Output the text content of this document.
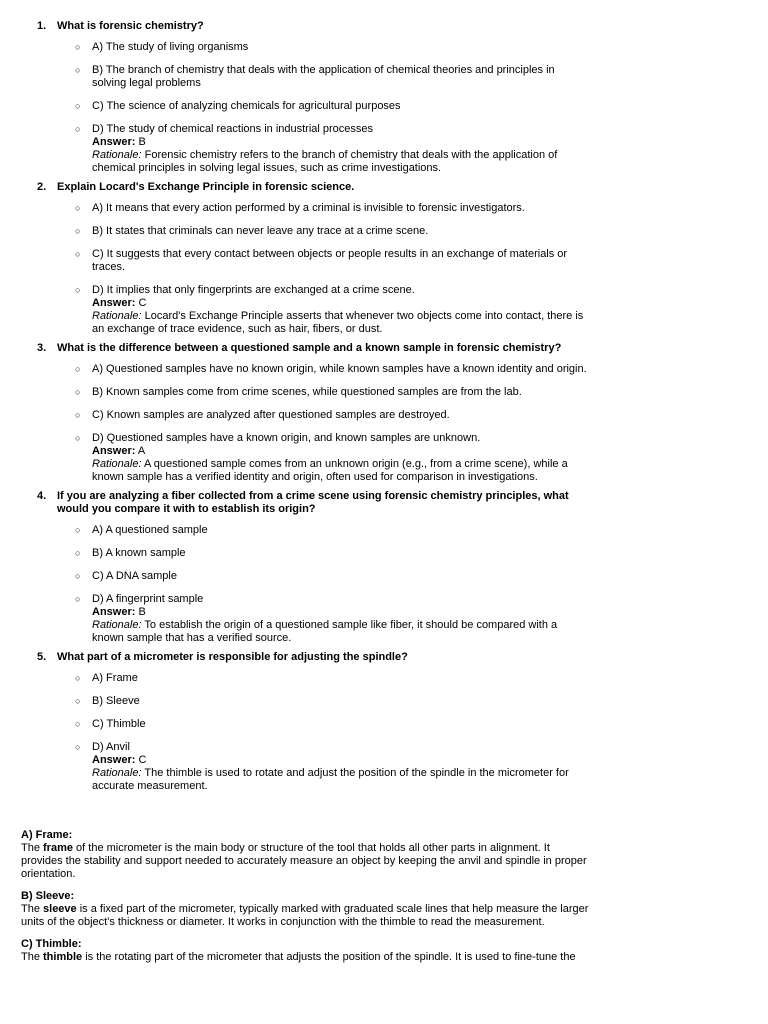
1. What is forensic chemistry?
○ A) The study of living organisms
○ B) The branch of chemistry that deals with the application of chemical theories and principles in solving legal problems
○ C) The science of analyzing chemicals for agricultural purposes
○ D) The study of chemical reactions in industrial processes
Answer: B
Rationale: Forensic chemistry refers to the branch of chemistry that deals with the application of chemical principles in solving legal issues, such as crime investigations.
2. Explain Locard's Exchange Principle in forensic science.
○ A) It means that every action performed by a criminal is invisible to forensic investigators.
○ B) It states that criminals can never leave any trace at a crime scene.
○ C) It suggests that every contact between objects or people results in an exchange of materials or traces.
○ D) It implies that only fingerprints are exchanged at a crime scene.
Answer: C
Rationale: Locard's Exchange Principle asserts that whenever two objects come into contact, there is an exchange of trace evidence, such as hair, fibers, or dust.
3. What is the difference between a questioned sample and a known sample in forensic chemistry?
○ A) Questioned samples have no known origin, while known samples have a known identity and origin.
○ B) Known samples come from crime scenes, while questioned samples are from the lab.
○ C) Known samples are analyzed after questioned samples are destroyed.
○ D) Questioned samples have a known origin, and known samples are unknown.
Answer: A
Rationale: A questioned sample comes from an unknown origin (e.g., from a crime scene), while a known sample has a verified identity and origin, often used for comparison in investigations.
4. If you are analyzing a fiber collected from a crime scene using forensic chemistry principles, what would you compare it with to establish its origin?
○ A) A questioned sample
○ B) A known sample
○ C) A DNA sample
○ D) A fingerprint sample
Answer: B
Rationale: To establish the origin of a questioned sample like fiber, it should be compared with a known sample that has a verified source.
5. What part of a micrometer is responsible for adjusting the spindle?
○ A) Frame
○ B) Sleeve
○ C) Thimble
○ D) Anvil
Answer: C
Rationale: The thimble is used to rotate and adjust the position of the spindle in the micrometer for accurate measurement.
A) Frame:
The frame of the micrometer is the main body or structure of the tool that holds all other parts in alignment. It provides the stability and support needed to accurately measure an object by keeping the anvil and spindle in proper orientation.
B) Sleeve:
The sleeve is a fixed part of the micrometer, typically marked with graduated scale lines that help measure the larger units of the object's thickness or diameter. It works in conjunction with the thimble to read the measurement.
C) Thimble:
The thimble is the rotating part of the micrometer that adjusts the position of the spindle. It is used to fine-tune the
